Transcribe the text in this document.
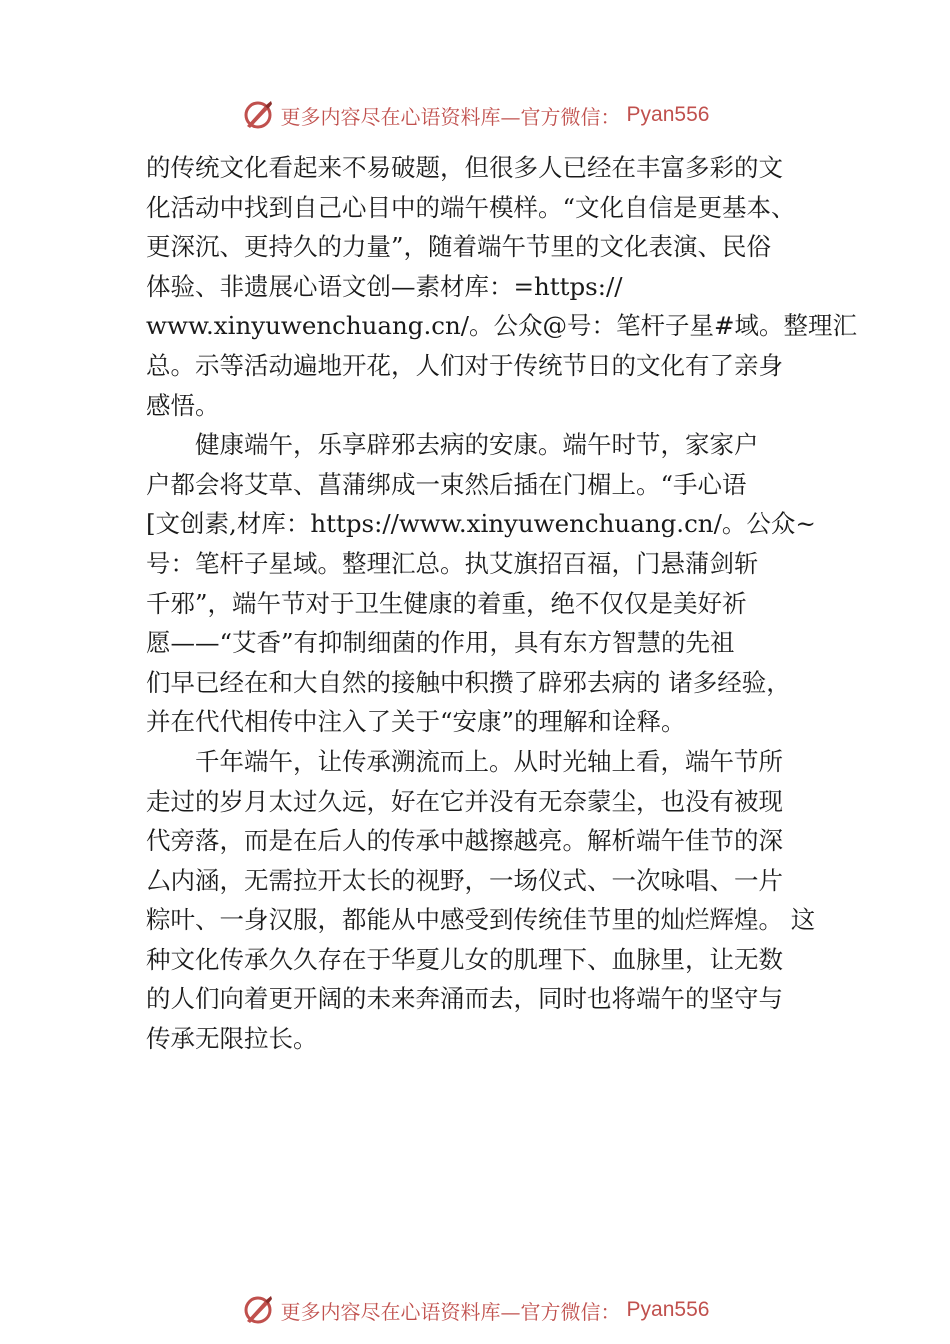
更多内容尽在心语资料库—官方微信： Pyan556
的传统文化看起来不易破题，但很多人已经在丰富多彩的文
化活动中找到自己心目中的端午模样。“文化自信是更基本、
更深沉、更持久的力量”，随着端午节里的文化表演、民俗
体验、非遗展心语文创—素材库：=https://
www.xinyuwenchuang.cn/。公众@号：笔杆子星#域。整理汇
总。示等活动遍地开花，人们对于传统节日的文化有了亲身
感悟。
健康端午，乐享辟邪去病的安康。端午时节，家家户
户都会将艾草、菖蒲绑成一束然后插在门楣上。“手心语
[文创素,材库：https://www.xinyuwenchuang.cn/。公众~
号：笔杆子星域。整理汇总。执艾旗招百福，门悬蒲剑斩
千邪”，端午节对于卫生健康的着重，绝不仅仅是美好祈
愿——“艾香”有抑制细菌的作用，具有东方智慧的先祖
们早已经在和大自然的接触中积攒了辟邪去病的 诸多经验，
并在代代相传中注入了关于“安康”的理解和诠释。
千年端午，让传承溯流而上。从时光轴上看，端午节所
走过的岁月太过久远，好在它并没有无奈蒙尘，也没有被现
代旁落，而是在后人的传承中越擦越亮。解析端午佳节的深
厶内涵，无需拉开太长的视野，一场仪式、一次咏唱、一片
粽叶、一身汉服，都能从中感受到传统佳节里的灿烂辉煌。 这
种文化传承久久存在于华夏儿女的肌理下、血脉里，让无数
的人们向着更开阔的未来奔涌而去，同时也将端午的坚守与
传承无限拉长。
更多内容尽在心语资料库—官方微信： Pyan556
